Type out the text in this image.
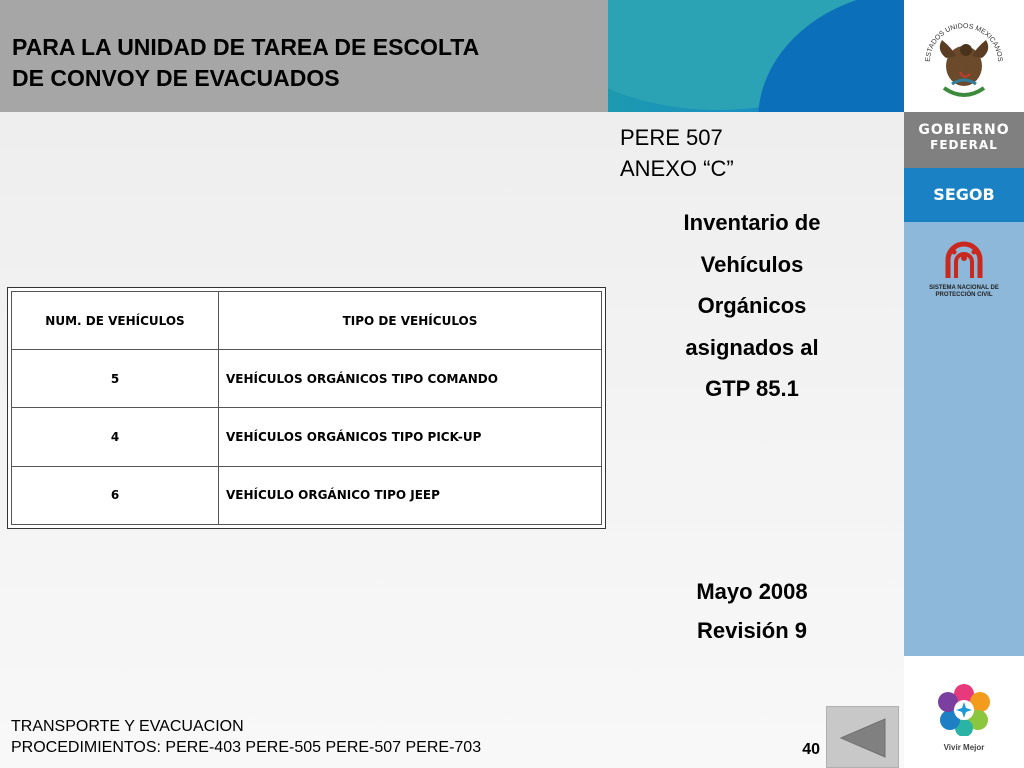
PARA LA UNIDAD DE TAREA DE ESCOLTA
DE CONVOY DE EVACUADOS
ESTADOS UNIDOS MEXICANOS
GOBIERNO
FEDERAL
SEGOB
SISTEMA NACIONAL DE
PROTECCIÓN CIVIL
Vivir Mejor
PERE 507
ANEXO “C”
Inventario de
Vehículos
Orgánicos
asignados al
GTP 85.1
Mayo 2008
Revisión 9
NUM. DE VEHÍCULOS	TIPO DE VEHÍCULOS
5	VEHÍCULOS ORGÁNICOS TIPO COMANDO
4	VEHÍCULOS ORGÁNICOS TIPO PICK-UP
6	VEHÍCULO ORGÁNICO TIPO JEEP
TRANSPORTE Y EVACUACION
PROCEDIMIENTOS: PERE-403 PERE-505 PERE-507 PERE-703	40
